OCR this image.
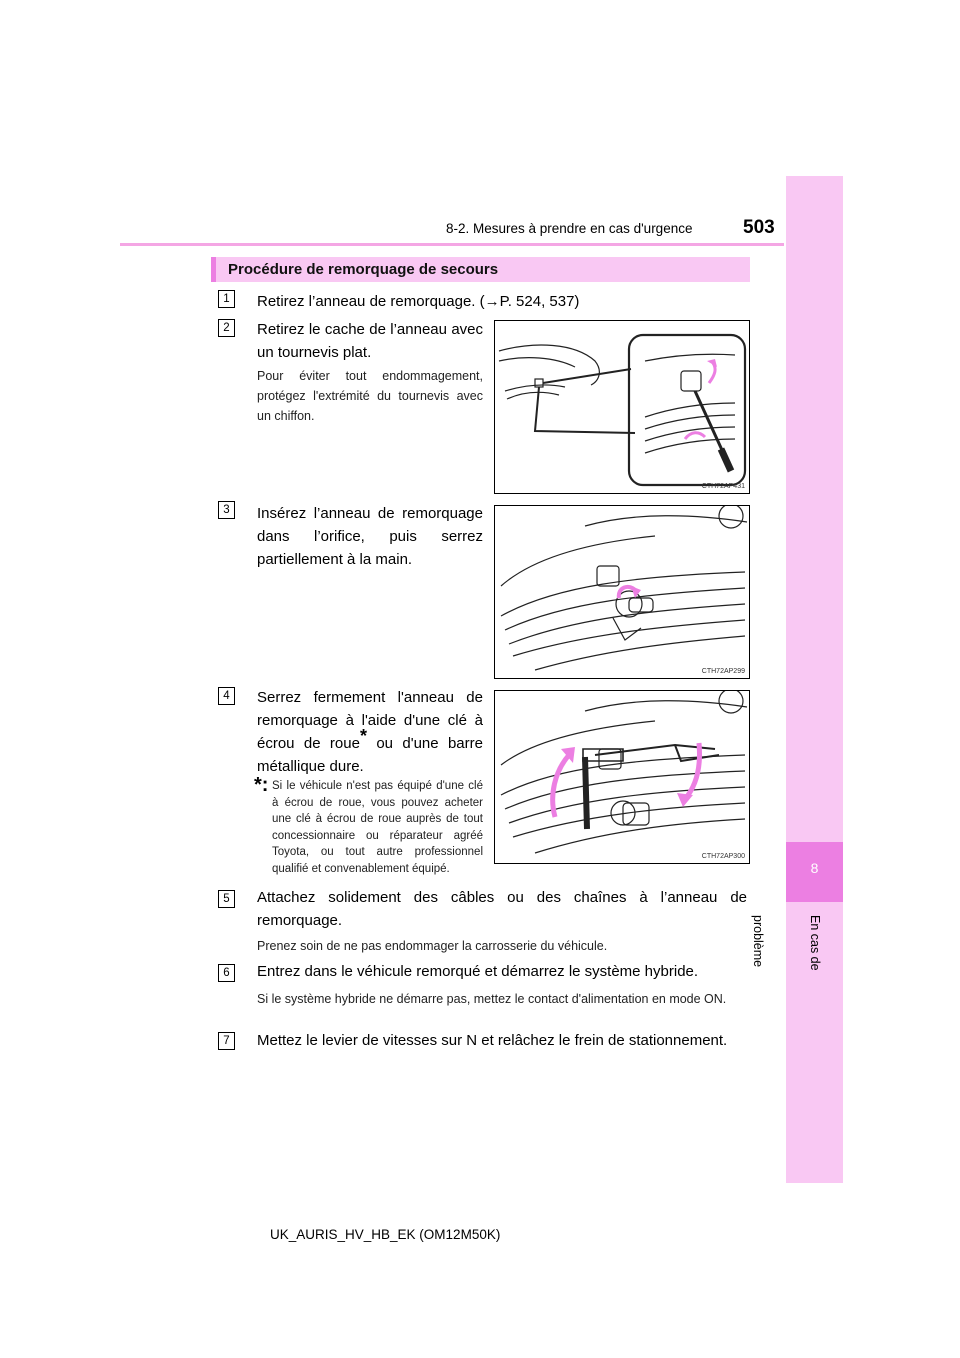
8-2. Mesures à prendre en cas d'urgence	503
8
En cas de problème
Procédure de remorquage de secours
1	Retirez l’anneau de remorquage. (→P. 524, 537)
2	Retirez le cache de l’anneau avec un tournevis plat.
Pour éviter tout endommagement, protégez l'extrémité du tournevis avec un chiffon.
CTH72AP431
3	Insérez l’anneau de remorquage dans l’orifice, puis serrez partiellement à la main.
CTH72AP299
4	Serrez fermement l'anneau de remorquage à l'aide d'une clé à écrou de roue* ou d'une barre métallique dure.
*: Si le véhicule n'est pas équipé d'une clé à écrou de roue, vous pouvez acheter une clé à écrou de roue auprès de tout concessionnaire ou réparateur agréé Toyota, ou tout autre professionnel qualifié et convenablement équipé.
CTH72AP300
5	Attachez solidement des câbles ou des chaînes à l’anneau de remorquage.
Prenez soin de ne pas endommager la carrosserie du véhicule.
6	Entrez dans le véhicule remorqué et démarrez le système hybride.
Si le système hybride ne démarre pas, mettez le contact d'alimentation en mode ON.
7	Mettez le levier de vitesses sur N et relâchez le frein de stationnement.
UK_AURIS_HV_HB_EK (OM12M50K)
